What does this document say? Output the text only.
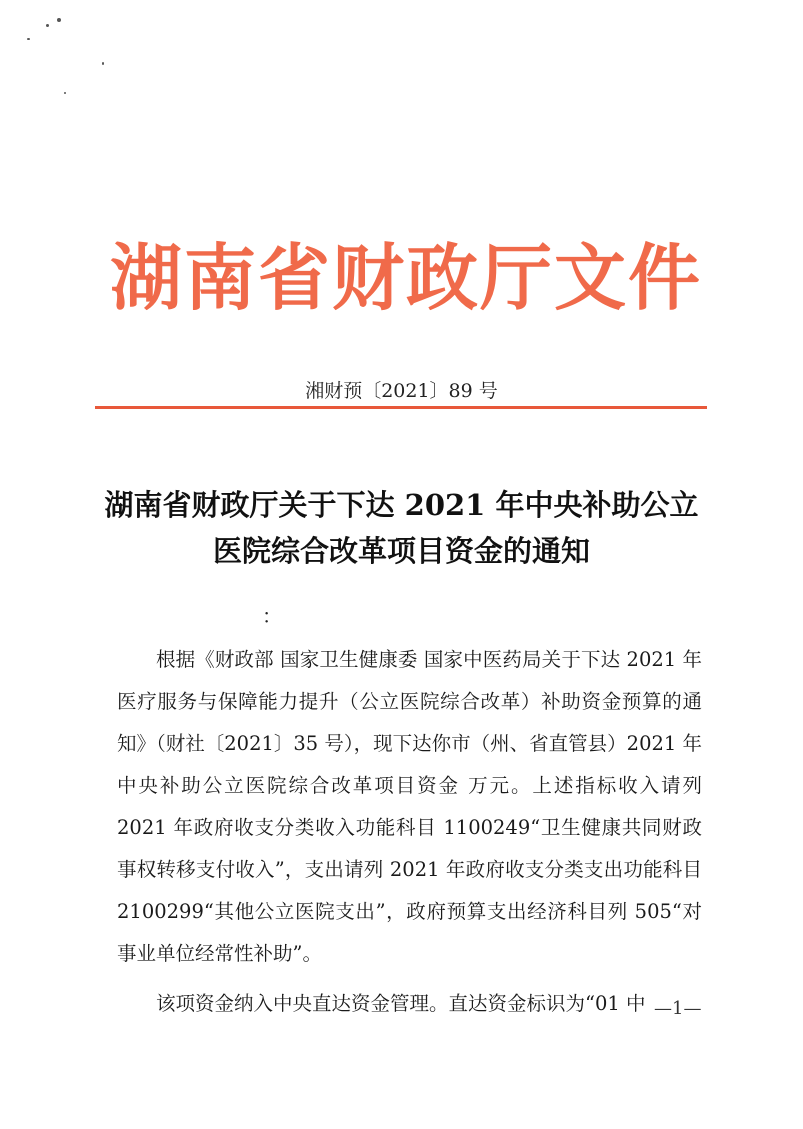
湖南省财政厅文件
湘财预〔2021〕89 号
湖南省财政厅关于下达 2021 年中央补助公立
医院综合改革项目资金的通知
：

根据《财政部 国家卫生健康委 国家中医药局关于下达 2021 年医疗服务与保障能力提升（公立医院综合改革）补助资金预算的通知》（财社〔2021〕35 号），现下达你市（州、省直管县）2021 年中央补助公立医院综合改革项目资金 万元。上述指标收入请列 2021 年政府收支分类收入功能科目 1100249“卫生健康共同财政事权转移支付收入”，支出请列 2021 年政府收支分类支出功能科目 2100299“其他公立医院支出”，政府预算支出经济科目列 505“对事业单位经常性补助”。

该项资金纳入中央直达资金管理。直达资金标识为“01 中 —1—
